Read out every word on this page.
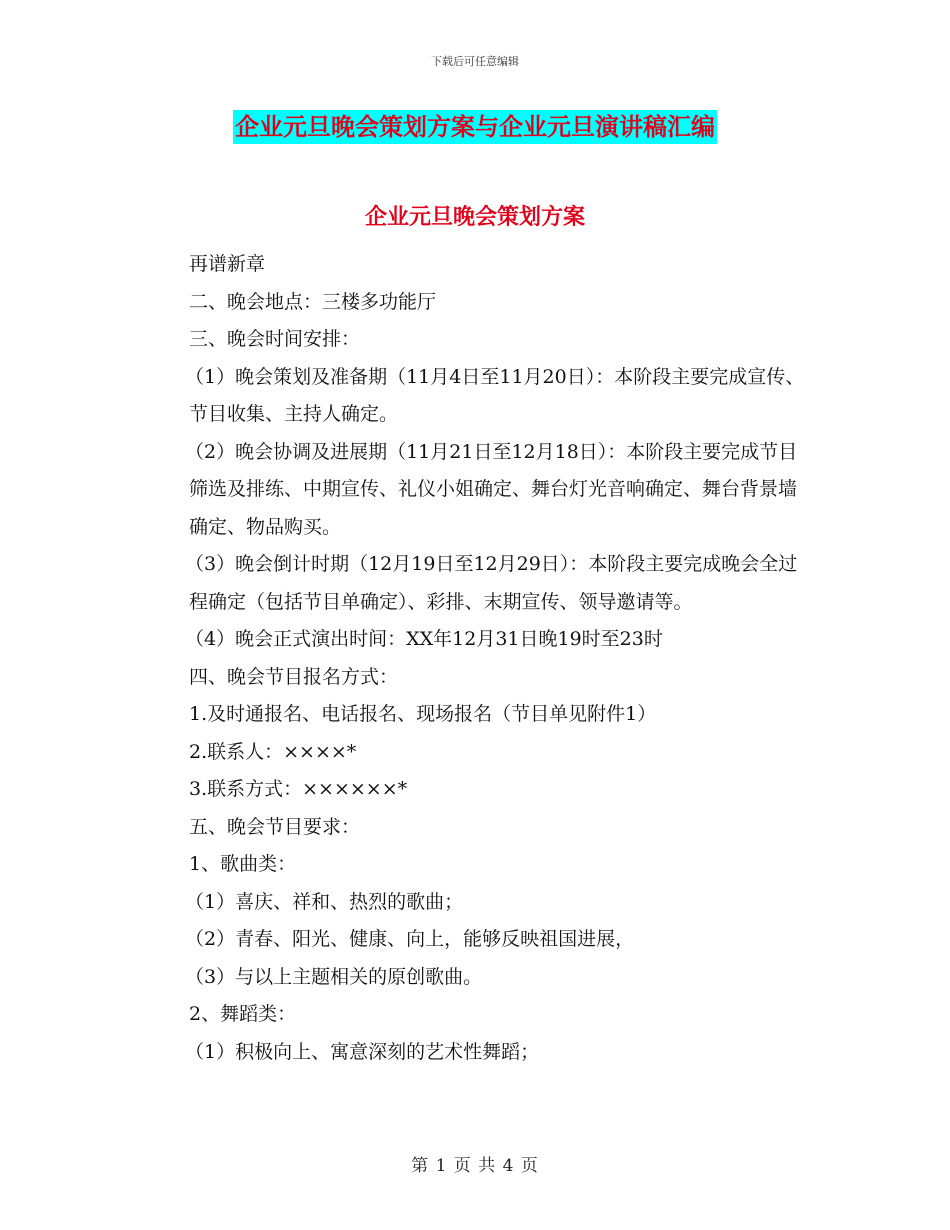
下载后可任意编辑
企业元旦晚会策划方案与企业元旦演讲稿汇编
企业元旦晚会策划方案

再谱新章

二、晚会地点：三楼多功能厅

三、晚会时间安排：

（1）晚会策划及准备期（11月4日至11月20日）：本阶段主要完成宣传、节目收集、主持人确定。

（2）晚会协调及进展期（11月21日至12月18日）：本阶段主要完成节目筛选及排练、中期宣传、礼仪小姐确定、舞台灯光音响确定、舞台背景墙确定、物品购买。

（3）晚会倒计时期（12月19日至12月29日）：本阶段主要完成晚会全过程确定（包括节目单确定）、彩排、末期宣传、领导邀请等。

（4）晚会正式演出时间：XX年12月31日晚19时至23时

四、晚会节目报名方式：

1.及时通报名、电话报名、现场报名（节目单见附件1）

2.联系人：××××*

3.联系方式：××××××*

五、晚会节目要求：

1、歌曲类：

（1）喜庆、祥和、热烈的歌曲；

（2）青春、阳光、健康、向上，能够反映祖国进展，

（3）与以上主题相关的原创歌曲。

2、舞蹈类：

（1）积极向上、寓意深刻的艺术性舞蹈；

第 1 页 共 4 页
